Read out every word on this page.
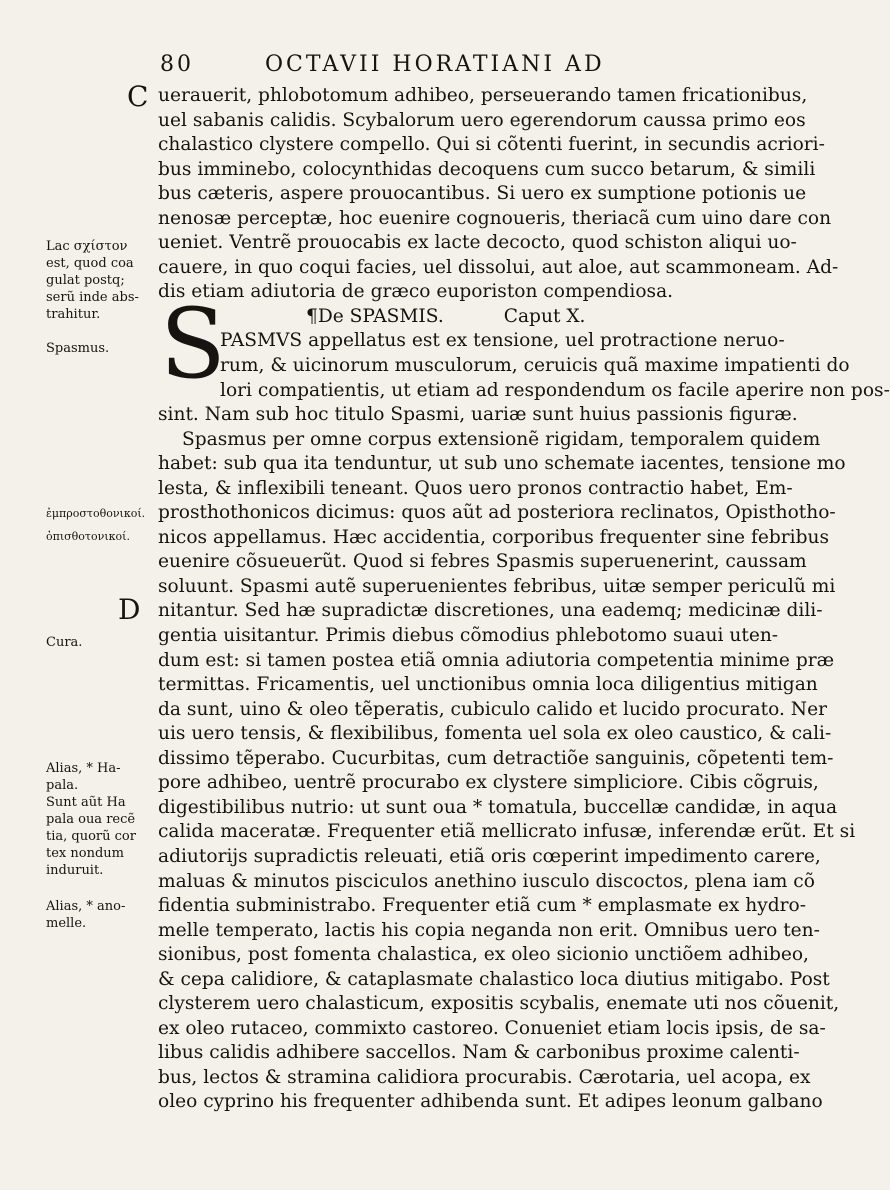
80	OCTAVII HORATIANI AD
C
D
Lac σχίστον
est, quod coa
gulat postq;
serũ inde abs-
trahitur.
Spasmus.
ἐμπροστοθονικοί.
ὀπισθοτονικοί.
Cura.
Alias, * Ha-
pala.
Sunt aũt Ha
pala oua recẽ
tia, quorũ cor
tex nondum
induruit.
Alias, * ano-
melle.
S
uerauerit, phlobotomum adhibeo, perseuerando tamen fricationibus,
uel sabanis calidis. Scybalorum uero egerendorum caussa primo eos
chalastico clystere compello. Qui si cõtenti fuerint, in secundis acriori-
bus imminebo, colocynthidas decoquens cum succo betarum, & simili
bus cæteris, aspere prouocantibus. Si uero ex sumptione potionis ue
nenosæ perceptæ, hoc euenire cognoueris, theriacã cum uino dare con
ueniet. Ventrẽ prouocabis ex lacte decocto, quod schiston aliqui uo-
cauere, in quo coqui facies, uel dissolui, aut aloe, aut scammoneam. Ad-
dis etiam adiutoria de græco euporiston compendiosa.
¶De SPASMIS.	Caput X.
PASMVS appellatus est ex tensione, uel protractione neruo-
rum, & uicinorum musculorum, ceruicis quã maxime impatienti do
lori compatientis, ut etiam ad respondendum os facile aperire non pos-
sint. Nam sub hoc titulo Spasmi, uariæ sunt huius passionis figuræ.
Spasmus per omne corpus extensionẽ rigidam, temporalem quidem
habet: sub qua ita tenduntur, ut sub uno schemate iacentes, tensione mo
lesta, & inflexibili teneant. Quos uero pronos contractio habet, Em-
prosthothonicos dicimus: quos aũt ad posteriora reclinatos, Opisthotho-
nicos appellamus. Hæc accidentia, corporibus frequenter sine febribus
euenire cõsueuerũt. Quod si febres Spasmis superuenerint, caussam
soluunt. Spasmi autẽ superuenientes febribus, uitæ semper periculũ mi
nitantur. Sed hæ supradictæ discretiones, una eademq; medicinæ dili-
gentia uisitantur. Primis diebus cõmodius phlebotomo suaui uten-
dum est: si tamen postea etiã omnia adiutoria competentia minime præ
termittas. Fricamentis, uel unctionibus omnia loca diligentius mitigan
da sunt, uino & oleo tẽperatis, cubiculo calido et lucido procurato. Ner
uis uero tensis, & flexibilibus, fomenta uel sola ex oleo caustico, & cali-
dissimo tẽperabo. Cucurbitas, cum detractiõe sanguinis, cõpetenti tem-
pore adhibeo, uentrẽ procurabo ex clystere simpliciore. Cibis cõgruis,
digestibilibus nutrio: ut sunt oua * tomatula, buccellæ candidæ, in aqua
calida maceratæ. Frequenter etiã mellicrato infusæ, inferendæ erũt. Et si
adiutorijs supradictis releuati, etiã oris cœperint impedimento carere,
maluas & minutos pisciculos anethino iusculo discoctos, plena iam cõ
fidentia subministrabo. Frequenter etiã cum * emplasmate ex hydro-
melle temperato, lactis his copia neganda non erit. Omnibus uero ten-
sionibus, post fomenta chalastica, ex oleo sicionio unctiõem adhibeo,
& cepa calidiore, & cataplasmate chalastico loca diutius mitigabo. Post
clysterem uero chalasticum, expositis scybalis, enemate uti nos cõuenit,
ex oleo rutaceo, commixto castoreo. Conueniet etiam locis ipsis, de sa-
libus calidis adhibere saccellos. Nam & carbonibus proxime calenti-
bus, lectos & stramina calidiora procurabis. Cærotaria, uel acopa, ex
oleo cyprino his frequenter adhibenda sunt. Et adipes leonum galbano
